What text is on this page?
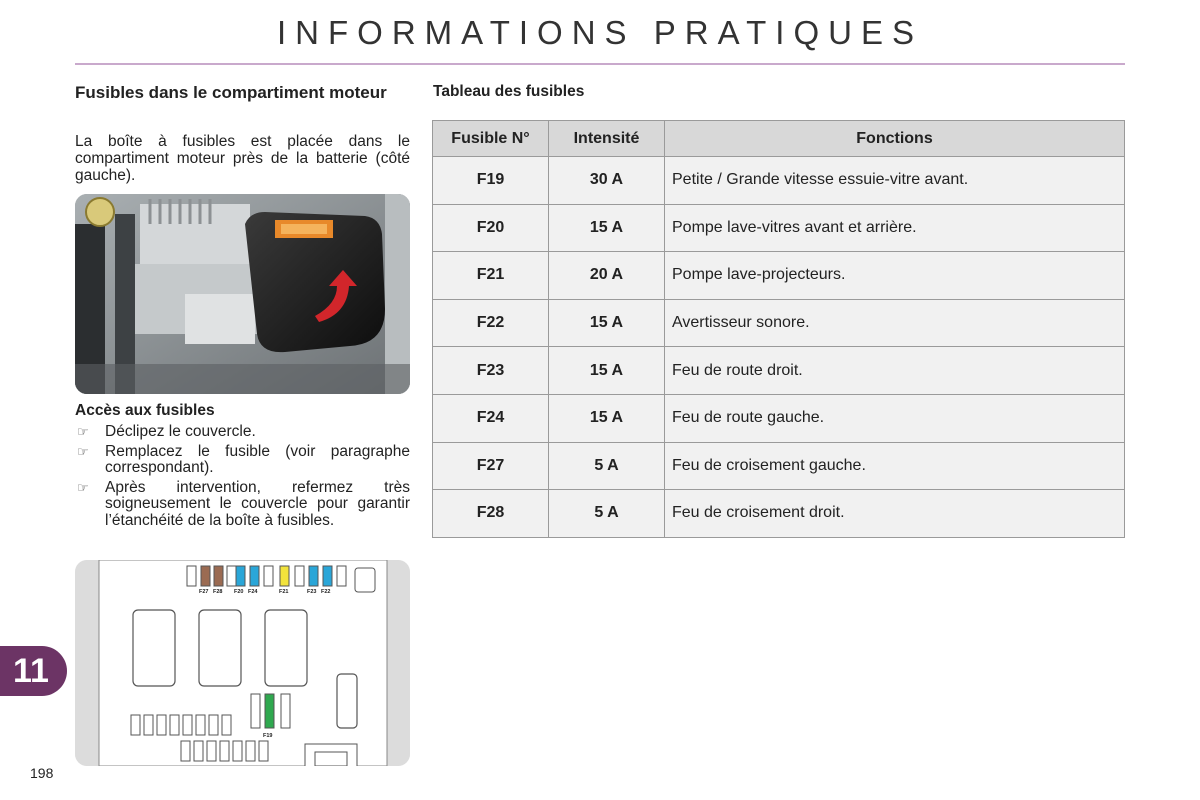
INFORMATIONS PRATIQUES
Fusibles dans le compartiment moteur
La boîte à fusibles est placée dans le compartiment moteur près de la batterie (côté gauche).
Accès aux fusibles
☞ Déclipez le couvercle.
☞ Remplacez le fusible (voir paragraphe correspondant).
☞ Après intervention, refermez très soigneusement le couvercle pour garantir l’étanchéité de la boîte à fusibles.
F27 F28 F20 F24	F21	F23 F22
F19
Tableau des fusibles
Fusible N°	Intensité	Fonctions
F19	30 A	Petite / Grande vitesse essuie-vitre avant.
F20	15 A	Pompe lave-vitres avant et arrière.
F21	20 A	Pompe lave-projecteurs.
F22	15 A	Avertisseur sonore.
F23	15 A	Feu de route droit.
F24	15 A	Feu de route gauche.
F27	5 A	Feu de croisement gauche.
F28	5 A	Feu de croisement droit.
11
198
